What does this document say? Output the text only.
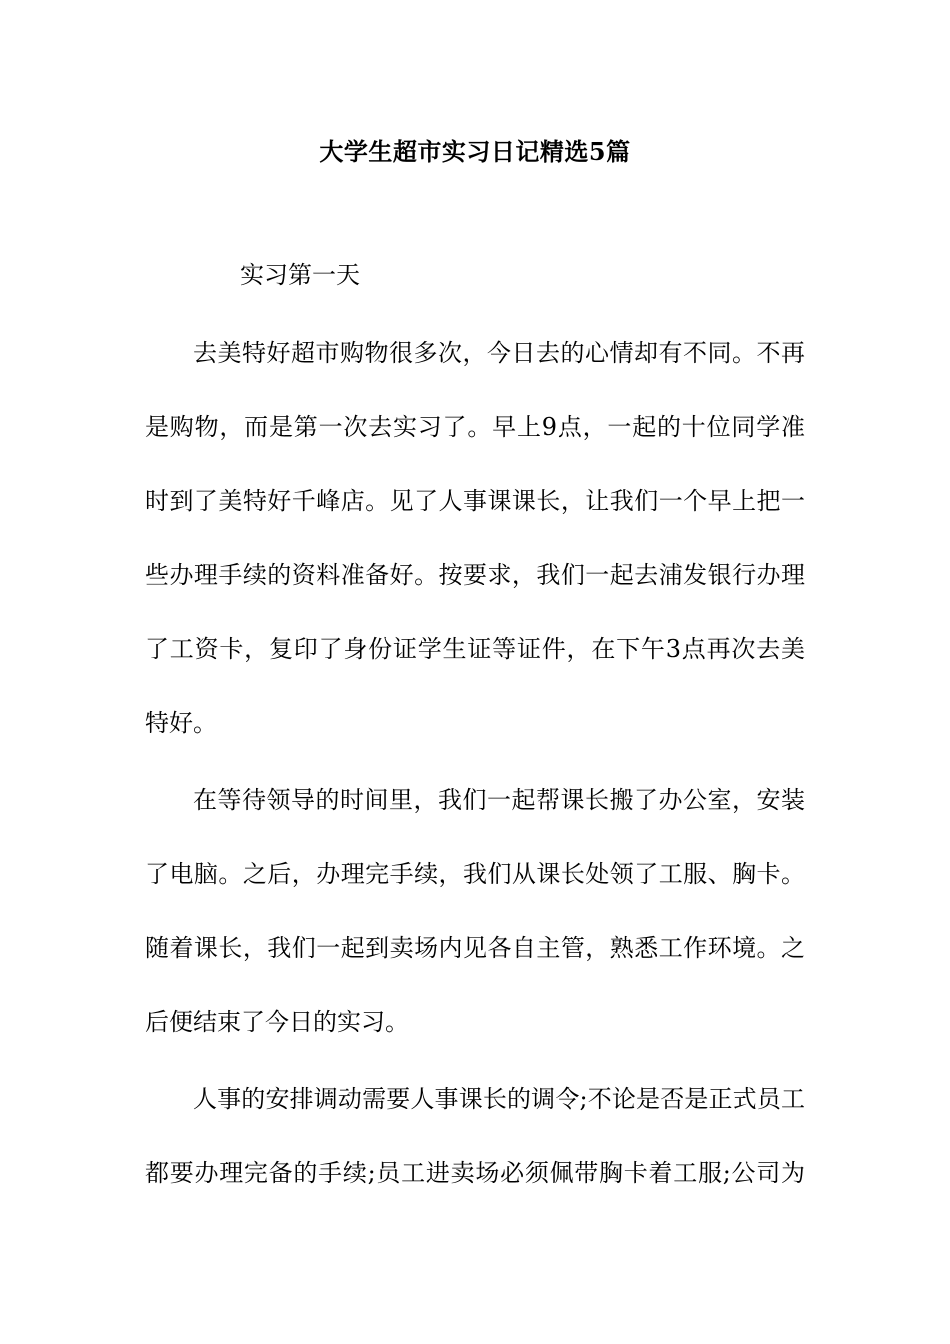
大学生超市实习日记精选5篇
实习第一天
去美特好超市购物很多次，今日去的心情却有不同。不再
是购物，而是第一次去实习了。早上9点，一起的十位同学准
时到了美特好千峰店。见了人事课课长，让我们一个早上把一
些办理手续的资料准备好。按要求，我们一起去浦发银行办理
了工资卡，复印了身份证学生证等证件，在下午3点再次去美
特好。
在等待领导的时间里，我们一起帮课长搬了办公室，安装
了电脑。之后，办理完手续，我们从课长处领了工服、胸卡。
随着课长，我们一起到卖场内见各自主管，熟悉工作环境。之
后便结束了今日的实习。
人事的安排调动需要人事课长的调令;不论是否是正式员工
都要办理完备的手续;员工进卖场必须佩带胸卡着工服;公司为
